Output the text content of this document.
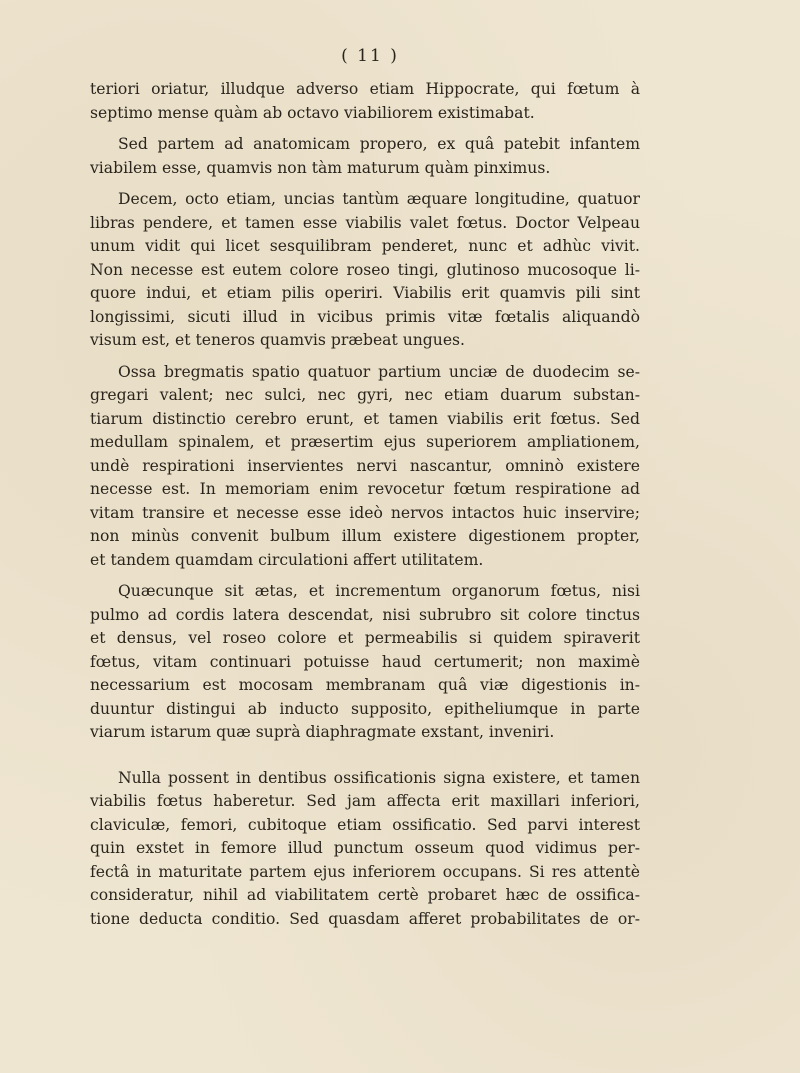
( 11 )
teriori oriatur, illudque adverso etiam Hippocrate, qui fœtum à
septimo mense quàm ab octavo viabiliorem existimabat.
Sed partem ad anatomicam propero, ex quâ patebit infantem
viabilem esse, quamvis non tàm maturum quàm pinximus.
Decem, octo etiam, uncias tantùm æquare longitudine, quatuor
libras pendere, et tamen esse viabilis valet fœtus. Doctor Velpeau
unum vidit qui licet sesquilibram penderet, nunc et adhùc vivit.
Non necesse est eutem colore roseo tingi, glutinoso mucosoque li-
quore indui, et etiam pilis operiri. Viabilis erit quamvis pili sint
longissimi, sicuti illud in vicibus primis vitæ fœtalis aliquandò
visum est, et teneros quamvis præbeat ungues.
Ossa bregmatis spatio quatuor partium unciæ de duodecim se-
gregari valent; nec sulci, nec gyri, nec etiam duarum substan-
tiarum distinctio cerebro erunt, et tamen viabilis erit fœtus. Sed
medullam spinalem, et præsertim ejus superiorem ampliationem,
undè respirationi inservientes nervi nascantur, omninò existere
necesse est. In memoriam enim revocetur fœtum respiratione ad
vitam transire et necesse esse ideò nervos intactos huic inservire;
non minùs convenit bulbum illum existere digestionem propter,
et tandem quamdam circulationi affert utilitatem.
Quæcunque sit ætas, et incrementum organorum fœtus, nisi
pulmo ad cordis latera descendat, nisi subrubro sit colore tinctus
et densus, vel roseo colore et permeabilis si quidem spiraverit
fœtus, vitam continuari potuisse haud certumerit; non maximè
necessarium est mocosam membranam quâ viæ digestionis in-
duuntur distingui ab inducto supposito, epitheliumque in parte
viarum istarum quæ suprà diaphragmate exstant, inveniri.
Nulla possent in dentibus ossificationis signa existere, et tamen
viabilis fœtus haberetur. Sed jam affecta erit maxillari inferiori,
claviculæ, femori, cubitoque etiam ossificatio. Sed parvi interest
quin exstet in femore illud punctum osseum quod vidimus per-
fectâ in maturitate partem ejus inferiorem occupans. Si res attentè
consideratur, nihil ad viabilitatem certè probaret hæc de ossifica-
tione deducta conditio. Sed quasdam afferet probabilitates de or-
